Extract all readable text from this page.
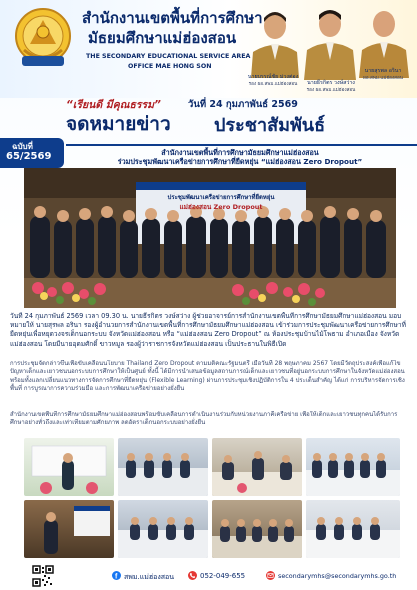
สำนักงานเขตพื้นที่การศึกษา
มัธยมศึกษาแม่ฮ่องสอน
THE SECONDARY EDUCATIONAL SERVICE AREA
OFFICE MAE HONG SON
นายบรรณ์ชัย ม่วงต่อง
รอง ผอ.สพม.แม่ฮ่องสอน	นายธีรกิตร วงษ์สว่าง
รอง ผอ.สพม.แม่ฮ่องสอน
นายสุรพล อรินา
ผอ.สพม.แม่ฮ่องสอน
“เรียนดี มีคุณธรรม”	วันที่ 24 กุมภาพันธ์ 2569
จดหมายข่าว ประชาสัมพันธ์
ฉบับที่
65/2569	สำนักงานเขตพื้นที่การศึกษามัธยมศึกษาแม่ฮ่องสอน
ร่วมประชุมพัฒนาเครือข่ายการศึกษาที่ยืดหยุ่น “แม่ฮ่องสอน Zero Dropout”
ประชุมพัฒนาเครือข่ายการศึกษาที่ยืดหยุ่น
แม่ฮ่องสอน Zero Dropout
วันที่ 24 กุมภาพันธ์ 2569 เวลา 09.30 น. นายธีรกิตร วงษ์สว่าง ผู้ช่วยอาจารย์การสำนักงานเขตพื้นที่การศึกษามัธยมศึกษาแม่ฮ่องสอน มอบหมายให้ นายสุรพล อรินา รองผู้อำนวยการสำนักงานเขตพื้นที่การศึกษามัธยมศึกษาแม่ฮ่องสอน เข้าร่วมการประชุมพัฒนาเครือข่ายการศึกษาที่ยืดหยุ่นเพื่อหยุดวงจรเด็กนอกระบบ จังหวัดแม่ฮ่องสอน หรือ “แม่ฮ่องสอน Zero Dropout” ณ ห้องประชุมบ้านไม้โพธาม อำเภอเมือง จังหวัดแม่ฮ่องสอน โดยมีนายอุดมศักดิ์ ขาวหมูล รองผู้ว่าราชการจังหวัดแม่ฮ่องสอน เป็นประธานในพิธีเปิด
การประชุมจัดกล่าวขึ้นเพื่อขับเคลื่อนนโยบาย Thailand Zero Dropout ตามมติคณะรัฐมนตรี เมื่อวันที่ 28 พฤษภาคม 2567 โดยมีวัตถุประสงค์เพื่อแก้ไขปัญหาเด็กและเยาวชนนอกระบบการศึกษาให้เป็นศูนย์ ทั้งนี้ ได้มีการนำเสนอข้อมูลสถานการณ์เด็กและเยาวชนที่อยู่นอกระบบการศึกษาในจังหวัดแม่ฮ่องสอน พร้อมทั้งแลกเปลี่ยนแนวทางการจัดการศึกษาที่ยืดหยุ่น (Flexible Learning) ผ่านการประชุมเชิงปฏิบัติการใน 4 ประเด็นสำคัญ ได้แก่ การบริหารจัดการเชิงพื้นที่ การบูรณาการความร่วมมือ และการพัฒนาเครือข่ายอย่างยั่งยืน
สำนักงานเขตพื้นที่การศึกษามัธยมศึกษาแม่ฮ่องสอนพร้อมขับเคลื่อนการดำเนินงานร่วมกับหน่วยงานภาคีเครือข่าย เพื่อให้เด็กและเยาวชนทุกคนได้รับการศึกษาอย่างทั่วถึงและเท่าเทียมตามศักยภาพ ลดอัตราเด็กนอกระบบอย่างยั่งยืน
f สพม.แม่ฮ่องสอน	052-049-655	secondarymhs@secondarymhs.go.th
